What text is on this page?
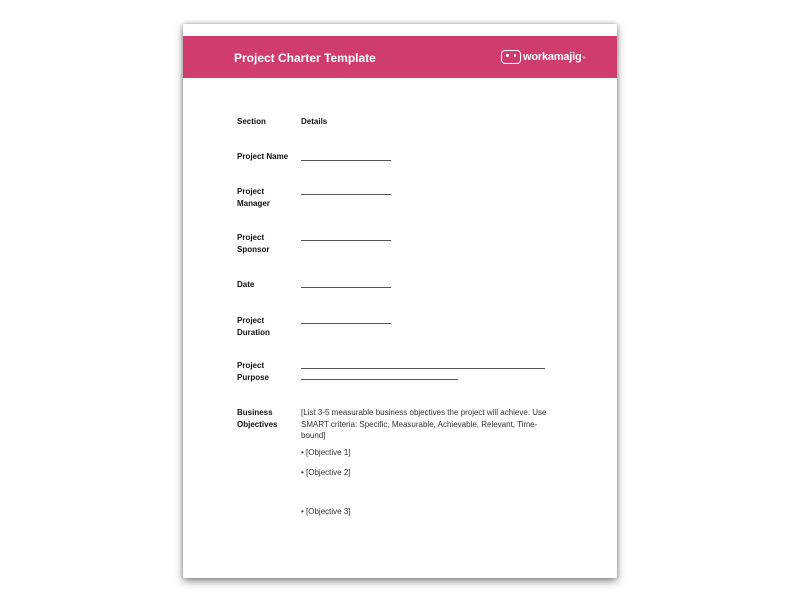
Project Charter Template	workamajig ®
Section	Details
Project Name
Project
Manager
Project
Sponsor
Date
Project
Duration
Project
Purpose
Business
Objectives
[List 3-5 measurable business objectives the project will achieve. Use SMART criteria: Specific, Measurable, Achievable, Relevant, Time-bound]
• [Objective 1]
• [Objective 2]
• [Objective 3]
